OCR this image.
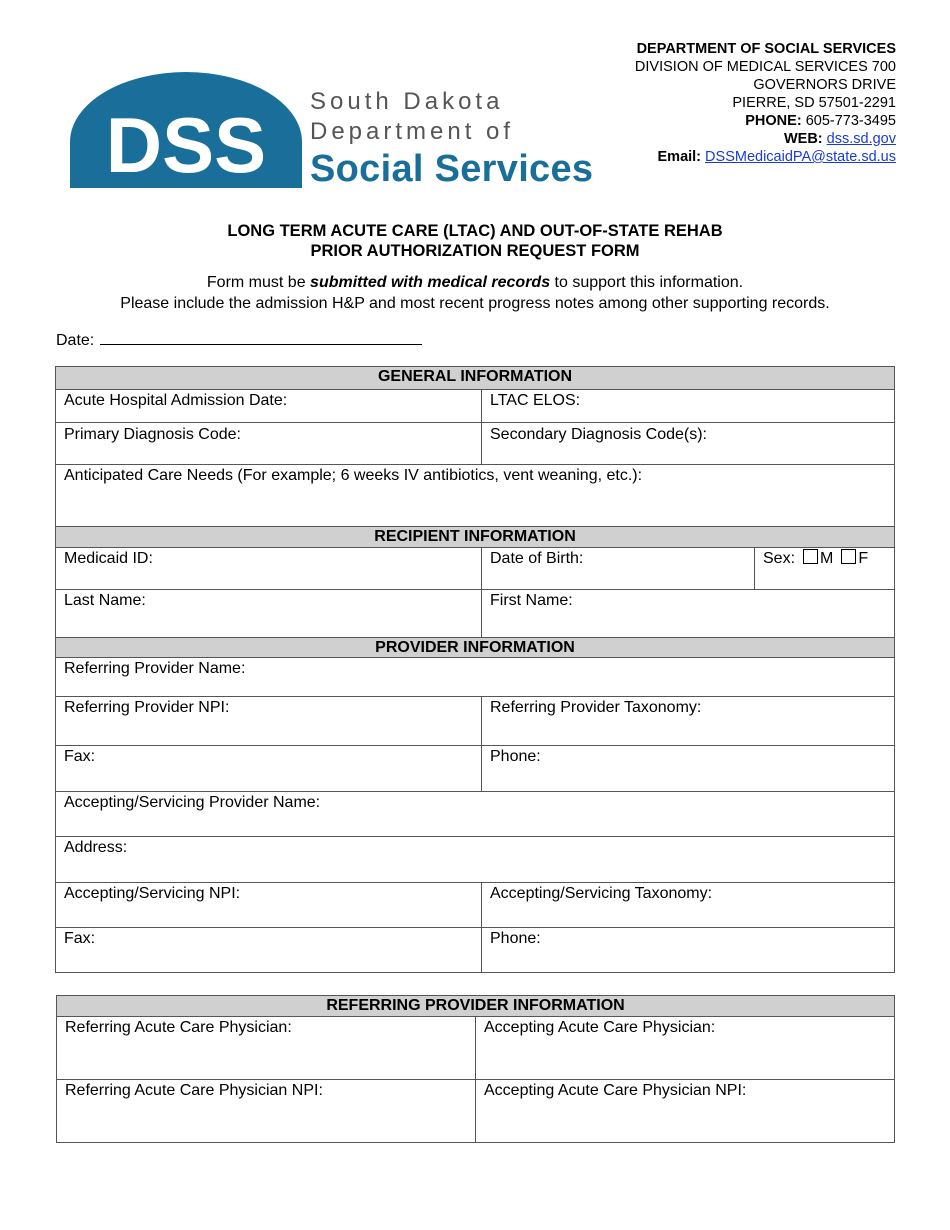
DSS South Dakota
Department of
Social Services
DEPARTMENT OF SOCIAL SERVICES
DIVISION OF MEDICAL SERVICES 700
GOVERNORS DRIVE
PIERRE, SD 57501-2291
PHONE: 605-773-3495
WEB: dss.sd.gov
Email: DSSMedicaidPA@state.sd.us
LONG TERM ACUTE CARE (LTAC) AND OUT-OF-STATE REHAB
PRIOR AUTHORIZATION REQUEST FORM
Form must be submitted with medical records to support this information.
Please include the admission H&P and most recent progress notes among other supporting records.
Date:
GENERAL INFORMATION		

Acute Hospital Admission Date:	LTAC ELOS:	

Primary Diagnosis Code:	Secondary Diagnosis Code(s):	

Anticipated Care Needs (For example; 6 weeks IV antibiotics, vent weaning, etc.):		

RECIPIENT INFORMATION		

Medicaid ID:	Date of Birth:	Sex: M F

Last Name:	First Name:	

PROVIDER INFORMATION		

Referring Provider Name:		

Referring Provider NPI:	Referring Provider Taxonomy:	

Fax:	Phone:	

Accepting/Servicing Provider Name:		

Address:		

Accepting/Servicing NPI:	Accepting/Servicing Taxonomy:	

Fax:	Phone:	
REFERRING PROVIDER INFORMATION	

Referring Acute Care Physician:	Accepting Acute Care Physician:

Referring Acute Care Physician NPI:	Accepting Acute Care Physician NPI:
